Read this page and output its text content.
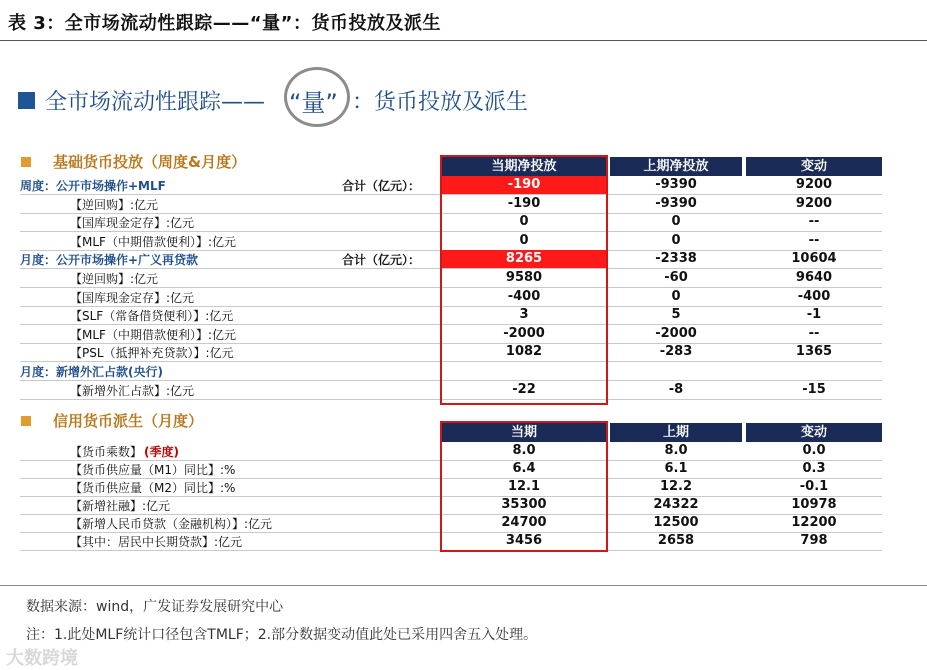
表 3：全市场流动性跟踪——“量”：货币投放及派生
全市场流动性跟踪—— “量” ：货币投放及派生
基础货币投放（周度&月度）	当期净投放	上期净投放	变动
周度：公开市场操作+MLF	合计（亿元）：	-190	-9390	9200
【逆回购】:亿元	-190	-9390	9200
【国库现金定存】:亿元	0	0	--
【MLF（中期借款便利）】:亿元	0	0	--
月度：公开市场操作+广义再贷款	合计（亿元）：	8265	-2338	10604
【逆回购】:亿元	9580	-60	9640
【国库现金定存】:亿元	-400	0	-400
【SLF（常备借贷便利）】:亿元	3	5	-1
【MLF（中期借款便利）】:亿元	-2000	-2000	--
【PSL（抵押补充贷款）】:亿元	1082	-283	1365
月度：新增外汇占款(央行)
【新增外汇占款】:亿元	-22	-8	-15
信用货币派生（月度）
当期	上期	变动
【货币乘数】 (季度)	8.0	8.0	0.0
【货币供应量（M1）同比】:%	6.4	6.1	0.3
【货币供应量（M2）同比】:%	12.1	12.2	-0.1
【新增社融】:亿元	35300	24322	10978
【新增人民币贷款（金融机构）】:亿元	24700	12500	12200
【其中：居民中长期贷款】:亿元	3456	2658	798
数据来源：wind，广发证券发展研究中心
注：1.此处MLF统计口径包含TMLF；2.部分数据变动值此处已采用四舍五入处理。
大数跨境
